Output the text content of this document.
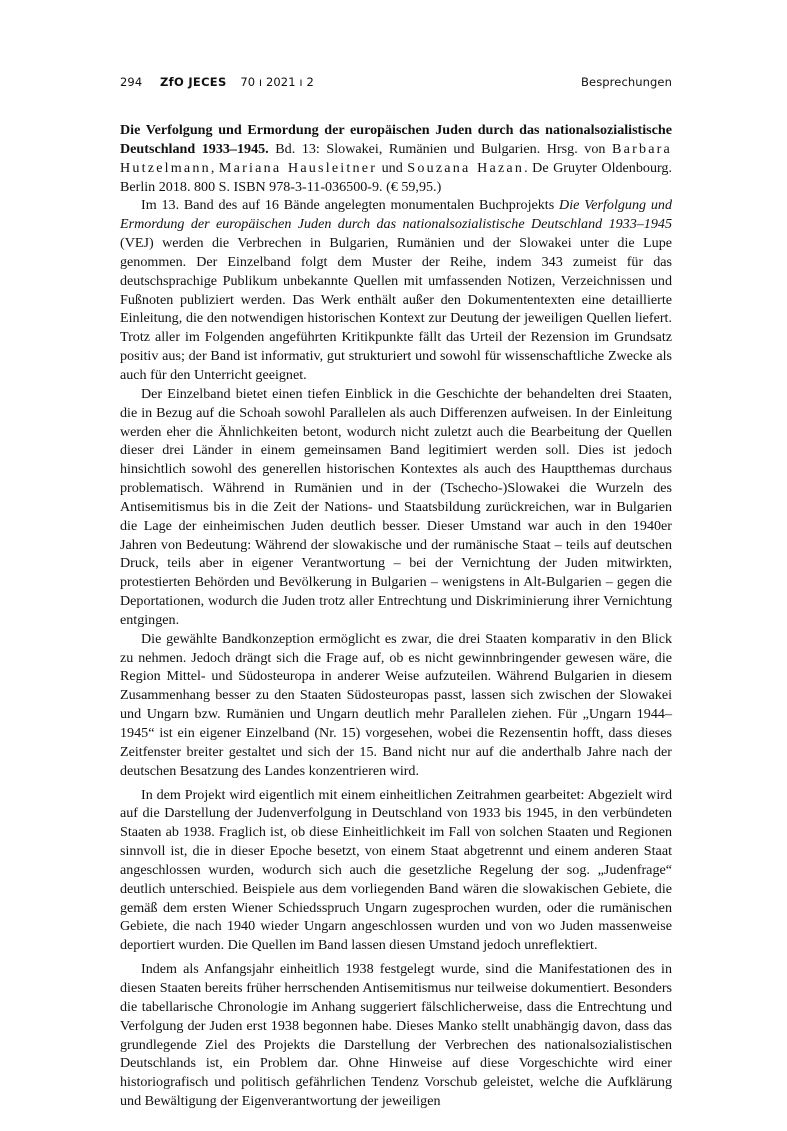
294 ZfO JECES 70 ı 2021 ı 2	Besprechungen

Die Verfolgung und Ermordung der europäischen Juden durch das nationalsozialistische Deutschland 1933–1945. Bd. 13: Slowakei, Rumänien und Bulgarien. Hrsg. von Barbara Hutzelmann, Mariana Hausleitner und Souzana Hazan. De Gruyter Oldenbourg. Berlin 2018. 800 S. ISBN 978-3-11-036500-9. (€ 59,95.)

Im 13. Band des auf 16 Bände angelegten monumentalen Buchprojekts Die Verfolgung und Ermordung der europäischen Juden durch das nationalsozialistische Deutschland 1933–1945 (VEJ) werden die Verbrechen in Bulgarien, Rumänien und der Slowakei unter die Lupe genommen. Der Einzelband folgt dem Muster der Reihe, indem 343 zumeist für das deutschsprachige Publikum unbekannte Quellen mit umfassenden Notizen, Verzeichnissen und Fußnoten publiziert werden. Das Werk enthält außer den Dokumententexten eine detaillierte Einleitung, die den notwendigen historischen Kontext zur Deutung der jeweiligen Quellen liefert. Trotz aller im Folgenden angeführten Kritikpunkte fällt das Urteil der Rezension im Grundsatz positiv aus; der Band ist informativ, gut strukturiert und sowohl für wissenschaftliche Zwecke als auch für den Unterricht geeignet.

Der Einzelband bietet einen tiefen Einblick in die Geschichte der behandelten drei Staaten, die in Bezug auf die Schoah sowohl Parallelen als auch Differenzen aufweisen. In der Einleitung werden eher die Ähnlichkeiten betont, wodurch nicht zuletzt auch die Bearbeitung der Quellen dieser drei Länder in einem gemeinsamen Band legitimiert werden soll. Dies ist jedoch hinsichtlich sowohl des generellen historischen Kontextes als auch des Hauptthemas durchaus problematisch. Während in Rumänien und in der (Tschecho-)Slowakei die Wurzeln des Antisemitismus bis in die Zeit der Nations- und Staatsbildung zurückreichen, war in Bulgarien die Lage der einheimischen Juden deutlich besser. Dieser Umstand war auch in den 1940er Jahren von Bedeutung: Während der slowakische und der rumänische Staat – teils auf deutschen Druck, teils aber in eigener Verantwortung – bei der Vernichtung der Juden mitwirkten, protestierten Behörden und Bevölkerung in Bulgarien – wenigstens in Alt-Bulgarien – gegen die Deportationen, wodurch die Juden trotz aller Entrechtung und Diskriminierung ihrer Vernichtung entgingen.

Die gewählte Bandkonzeption ermöglicht es zwar, die drei Staaten komparativ in den Blick zu nehmen. Jedoch drängt sich die Frage auf, ob es nicht gewinnbringender gewesen wäre, die Region Mittel- und Südosteuropa in anderer Weise aufzuteilen. Während Bulgarien in diesem Zusammenhang besser zu den Staaten Südosteuropas passt, lassen sich zwischen der Slowakei und Ungarn bzw. Rumänien und Ungarn deutlich mehr Parallelen ziehen. Für „Ungarn 1944–1945“ ist ein eigener Einzelband (Nr. 15) vorgesehen, wobei die Rezensentin hofft, dass dieses Zeitfenster breiter gestaltet und sich der 15. Band nicht nur auf die anderthalb Jahre nach der deutschen Besatzung des Landes konzentrieren wird.

In dem Projekt wird eigentlich mit einem einheitlichen Zeitrahmen gearbeitet: Abgezielt wird auf die Darstellung der Judenverfolgung in Deutschland von 1933 bis 1945, in den verbündeten Staaten ab 1938. Fraglich ist, ob diese Einheitlichkeit im Fall von solchen Staaten und Regionen sinnvoll ist, die in dieser Epoche besetzt, von einem Staat abgetrennt und einem anderen Staat angeschlossen wurden, wodurch sich auch die gesetzliche Regelung der sog. „Judenfrage“ deutlich unterschied. Beispiele aus dem vorliegenden Band wären die slowakischen Gebiete, die gemäß dem ersten Wiener Schiedsspruch Ungarn zugesprochen wurden, oder die rumänischen Gebiete, die nach 1940 wieder Ungarn angeschlossen wurden und von wo Juden massenweise deportiert wurden. Die Quellen im Band lassen diesen Umstand jedoch unreflektiert.

Indem als Anfangsjahr einheitlich 1938 festgelegt wurde, sind die Manifestationen des in diesen Staaten bereits früher herrschenden Antisemitismus nur teilweise dokumentiert. Besonders die tabellarische Chronologie im Anhang suggeriert fälschlicherweise, dass die Entrechtung und Verfolgung der Juden erst 1938 begonnen habe. Dieses Manko stellt unabhängig davon, dass das grundlegende Ziel des Projekts die Darstellung der Verbrechen des nationalsozialistischen Deutschlands ist, ein Problem dar. Ohne Hinweise auf diese Vorgeschichte wird einer historiografisch und politisch gefährlichen Tendenz Vorschub geleistet, welche die Aufklärung und Bewältigung der Eigenverantwortung der jeweiligen
